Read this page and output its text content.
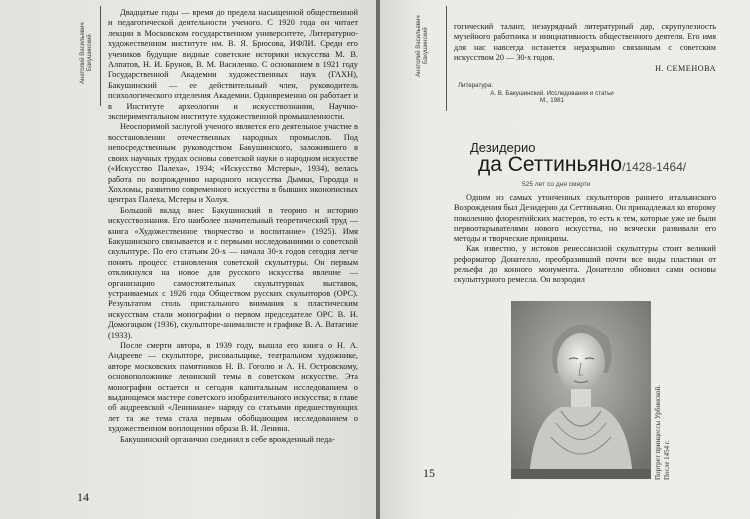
Анатолий Васильевич
Бакушинский

Двадцатые годы — время до предела насыщенной общественной и педагогической деятельности ученого. С 1920 года он читает лекции в Московском государственном университете, Литературно-художественном институте им. В. Я. Брюсова, ИФЛИ. Среди его учеников будущие видные советские историки искусства М. В. Алпатов, Н. И. Брунов, В. М. Василенко. С основанием в 1921 году Государственной Академии художественных наук (ГАХН), Бакушинский — ее действительный член, руководитель психологического отделения Академии. Одновременно он работает и в Институте археологии и искусствознания, Научно-экспериментальном институте художественной промышленности.

Неоспоримой заслугой ученого является его деятельное участие в восстановлении отечественных народных промыслов. Под непосредственным руководством Бакушинского, заложившего в своих научных трудах основы советской науки о народном искусстве («Искусство Палеха», 1934; «Искусство Мстеры», 1934), велась работа по возрождению народного искусства Дымки, Городца и Хохломы, развитию современного искусства в бывших иконописных центрах Палеха, Мстеры и Холуя.

Большой вклад внес Бакушинский в теорию и историю искусствознания. Его наиболее значительный теоретический труд — книга «Художественное творчество и воспитание» (1925). Имя Бакушинского связывается и с первыми исследованиями о советской скульптуре. По его статьям 20-х — начала 30-х годов сегодня легче понять процесс становления советской скульптуры. Он первым откликнулся на новое для русского искусства явление — организацию самостоятельных скульптурных выставок, устраиваемых с 1926 года Обществом русских скульпторов (ОРС). Результатом столь пристального внимания к пластическим искусствам стали монографии о первом председателе ОРС В. Н. Домогацком (1936), скульпторе-анималисте и графике В. А. Ватагине (1933).

После смерти автора, в 1939 году, вышла его книга о Н. А. Андрееве — скульпторе, рисовальщике, театральном художнике, авторе московских памятников Н. В. Гоголю и А. Н. Островскому, основоположнике ленинской темы в советском искусстве. Эта монография остается и сегодня капитальным исследованием о выдающемся мастере советского изобразительного искусства; в главе об андреевской «Лениниане» наряду со статьями предшествующих лет та же тема стала первым обобщающим исследованием о художественном воплощении образа В. И. Ленина.

Бакушинский органично соединял в себе врожденный педа-

14
Анатолий Васильевич
Бакушинский

гогический талант, незаурядный литературный дар, скрупулезность музейного работника и инициативность общественного деятеля. Его имя для нас навсегда останется неразрывно связанным с советским искусством 20 — 30-х годов.

Н. СЕМЕНОВА
Литература:
А. В. Бакушинский. Исследования и статьи
М., 1981
Дезидерио
да Сеттиньяно/1428-1464/
525 лет со дня смерти

Одним из самых утонченных скульпторов раннего итальянского Возрождения был Дезидерио да Сеттиньяно. Он принадлежал ко второму поколению флорентийских мастеров, то есть к тем, которые уже не были первооткрывателями нового искусства, но всячески развивали его методы и творческие принципы.

Как известно, у истоков ренессансной скульптуры стоит великий реформатор Донателло, преобразивший почти все виды пластики от рельефа до конного монумента. Донателло обновил сами основы скульптурного ремесла. Он возродил

Портрет принцессы Урбинской.
После 1454 г.
15
